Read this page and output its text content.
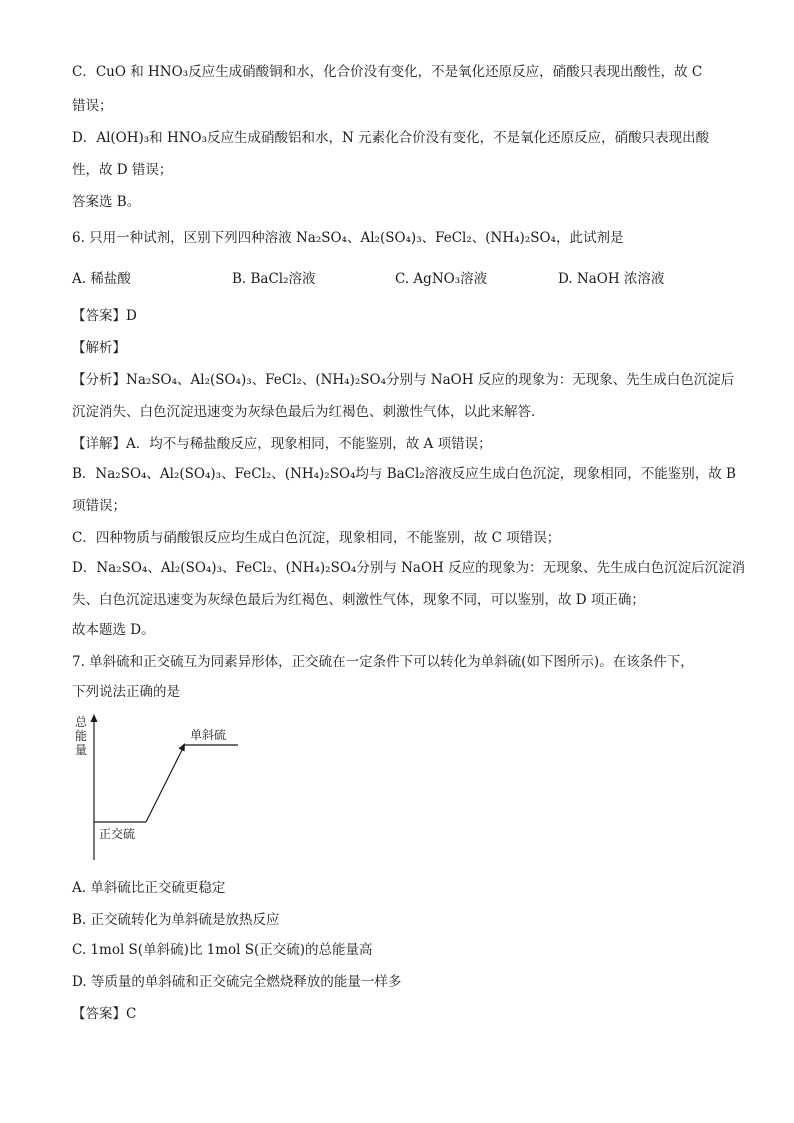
C．CuO 和 HNO₃反应生成硝酸铜和水，化合价没有变化，不是氧化还原反应，硝酸只表现出酸性，故 C
错误；
D．Al(OH)₃和 HNO₃反应生成硝酸铝和水，N 元素化合价没有变化，不是氧化还原反应，硝酸只表现出酸
性，故 D 错误；
答案选 B。
6. 只用一种试剂，区别下列四种溶液 Na₂SO₄、Al₂(SO₄)₃、FeCl₂、(NH₄)₂SO₄，此试剂是
A. 稀盐酸	B. BaCl₂溶液	C. AgNO₃溶液	D. NaOH 浓溶液
【答案】D
【解析】
【分析】Na₂SO₄、Al₂(SO₄)₃、FeCl₂、(NH₄)₂SO₄分别与 NaOH 反应的现象为：无现象、先生成白色沉淀后
沉淀消失、白色沉淀迅速变为灰绿色最后为红褐色、刺激性气体，以此来解答．
【详解】A．均不与稀盐酸反应，现象相同，不能鉴别，故 A 项错误；
B．Na₂SO₄、Al₂(SO₄)₃、FeCl₂、(NH₄)₂SO₄均与 BaCl₂溶液反应生成白色沉淀，现象相同，不能鉴别，故 B
项错误；
C．四种物质与硝酸银反应均生成白色沉淀，现象相同，不能鉴别，故 C 项错误；
D．Na₂SO₄、Al₂(SO₄)₃、FeCl₂、(NH₄)₂SO₄分别与 NaOH 反应的现象为：无现象、先生成白色沉淀后沉淀消
失、白色沉淀迅速变为灰绿色最后为红褐色、刺激性气体，现象不同，可以鉴别，故 D 项正确；
故本题选 D。
7. 单斜硫和正交硫互为同素异形体，正交硫在一定条件下可以转化为单斜硫(如下图所示)。在该条件下，
下列说法正确的是
A. 单斜硫比正交硫更稳定
B. 正交硫转化为单斜硫是放热反应
C. 1mol S(单斜硫)比 1mol S(正交硫)的总能量高
D. 等质量的单斜硫和正交硫完全燃烧释放的能量一样多
【答案】C
总
能
量
单斜硫
正交硫
